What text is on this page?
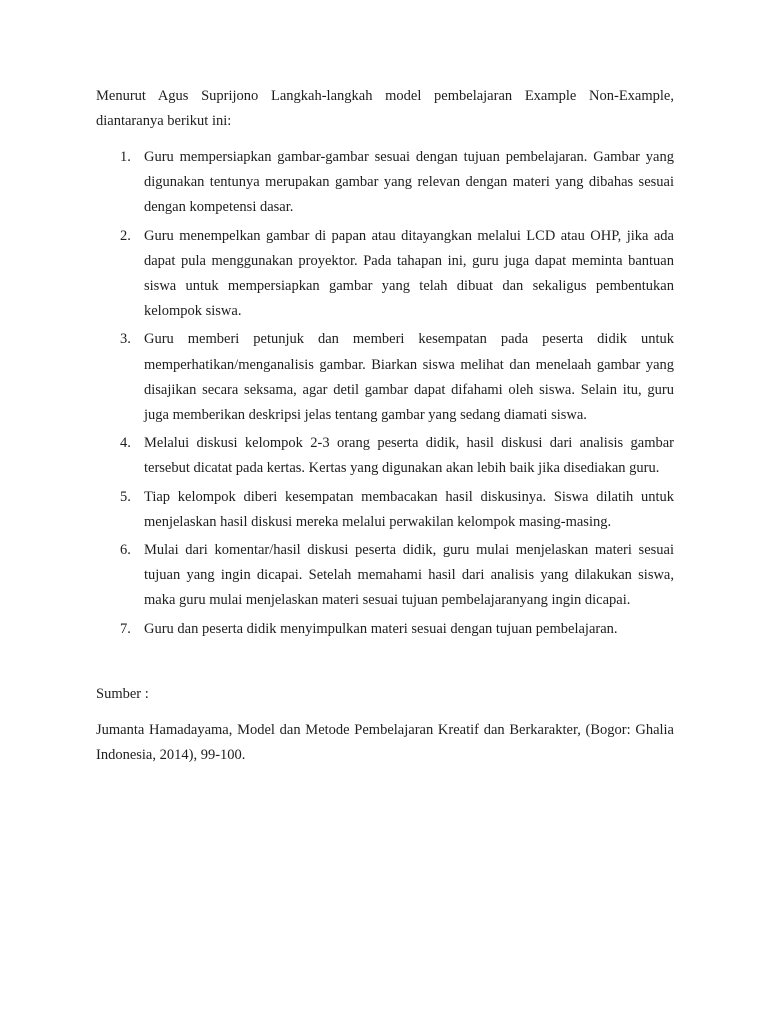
Menurut Agus Suprijono Langkah-langkah model pembelajaran Example Non-Example, diantaranya berikut ini:

1. Guru mempersiapkan gambar-gambar sesuai dengan tujuan pembelajaran. Gambar yang digunakan tentunya merupakan gambar yang relevan dengan materi yang dibahas sesuai dengan kompetensi dasar.
2. Guru menempelkan gambar di papan atau ditayangkan melalui LCD atau OHP, jika ada dapat pula menggunakan proyektor. Pada tahapan ini, guru juga dapat meminta bantuan siswa untuk mempersiapkan gambar yang telah dibuat dan sekaligus pembentukan kelompok siswa.
3. Guru memberi petunjuk dan memberi kesempatan pada peserta didik untuk memperhatikan/menganalisis gambar. Biarkan siswa melihat dan menelaah gambar yang disajikan secara seksama, agar detil gambar dapat difahami oleh siswa. Selain itu, guru juga memberikan deskripsi jelas tentang gambar yang sedang diamati siswa.
4. Melalui diskusi kelompok 2-3 orang peserta didik, hasil diskusi dari analisis gambar tersebut dicatat pada kertas. Kertas yang digunakan akan lebih baik jika disediakan guru.
5. Tiap kelompok diberi kesempatan membacakan hasil diskusinya. Siswa dilatih untuk menjelaskan hasil diskusi mereka melalui perwakilan kelompok masing-masing.
6. Mulai dari komentar/hasil diskusi peserta didik, guru mulai menjelaskan materi sesuai tujuan yang ingin dicapai. Setelah memahami hasil dari analisis yang dilakukan siswa, maka guru mulai menjelaskan materi sesuai tujuan pembelajaranyang ingin dicapai.
7. Guru dan peserta didik menyimpulkan materi sesuai dengan tujuan pembelajaran.

Sumber :

Jumanta Hamadayama, Model dan Metode Pembelajaran Kreatif dan Berkarakter, (Bogor: Ghalia Indonesia, 2014), 99-100.
